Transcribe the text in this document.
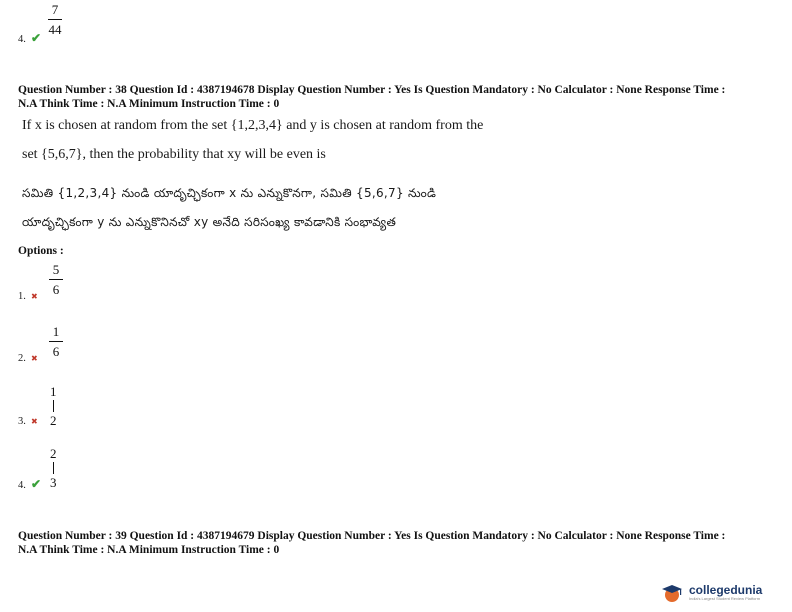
4. ✔
7
44
Question Number : 38 Question Id : 4387194678 Display Question Number : Yes Is Question Mandatory : No Calculator : None Response Time :
N.A Think Time : N.A Minimum Instruction Time : 0
If x is chosen at random from the set {1,2,3,4} and y is chosen at random from the
set {5,6,7}, then the probability that xy will be even is
సమితి {1,2,3,4} నుండి యాదృచ్ఛికంగా x ను ఎన్నుకొనగా, సమితి {5,6,7} నుండి
యాదృచ్ఛికంగా y ను ఎన్నుకొనినచో xy అనేది సరిసంఖ్య కావడానికి సంభావ్యత
Options :
1. ✖
5
6
2. ✖
1
6
3. ✖
1
2
4. ✔
2
3
Question Number : 39 Question Id : 4387194679 Display Question Number : Yes Is Question Mandatory : No Calculator : None Response Time :
N.A Think Time : N.A Minimum Instruction Time : 0
collegedunia
India's Largest Student Review Platform
